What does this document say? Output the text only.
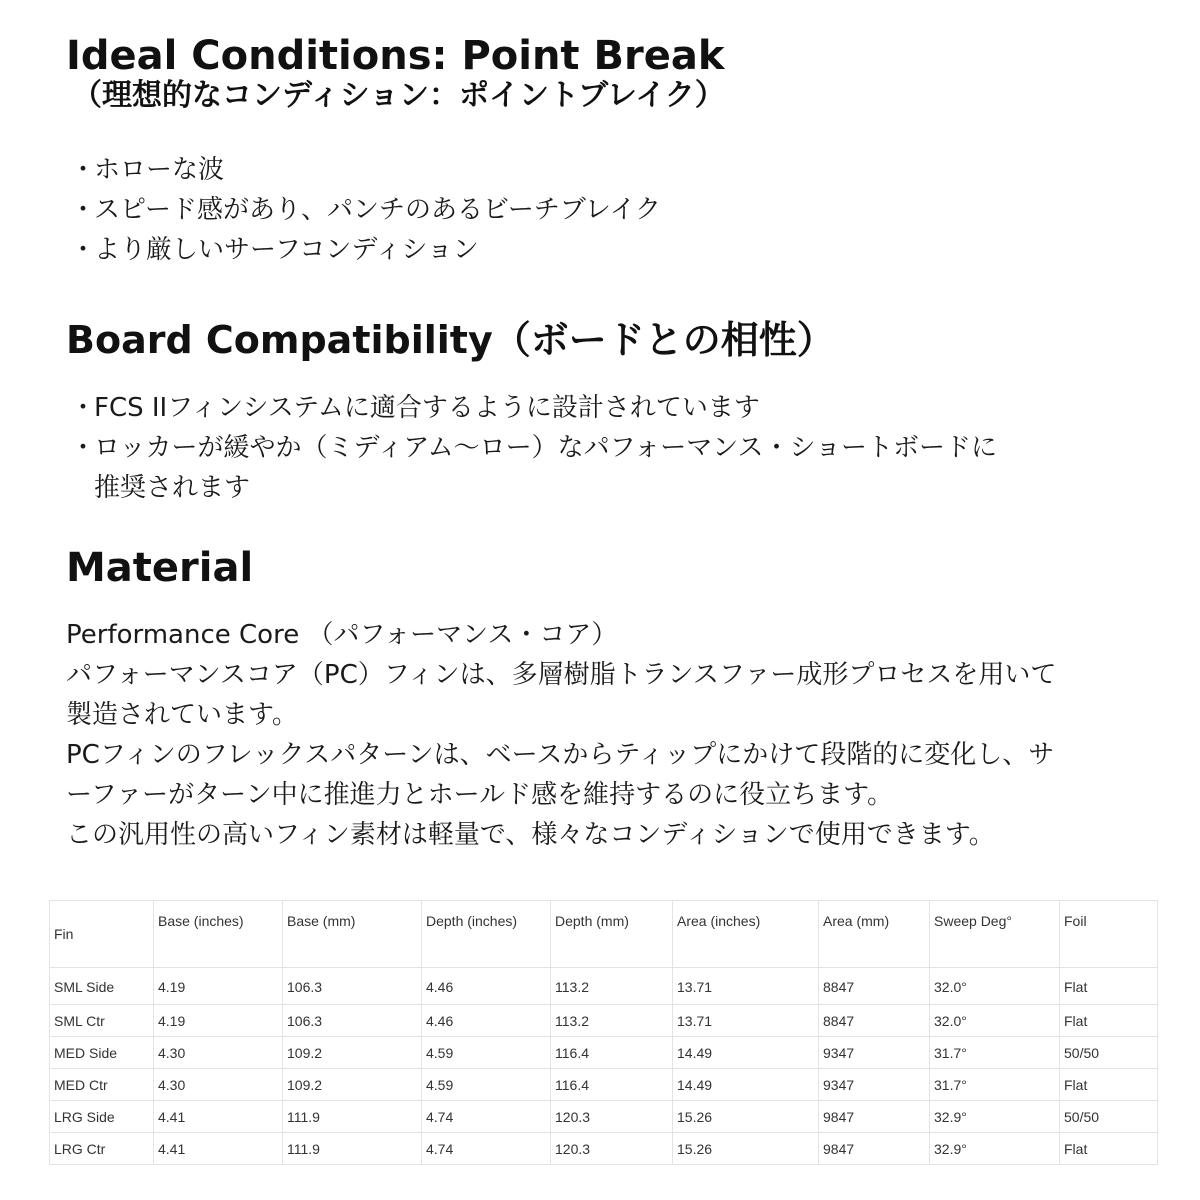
Ideal Conditions: Point Break
（理想的なコンディション：ポイントブレイク）
・ホローな波
・スピード感があり、パンチのあるビーチブレイク
・より厳しいサーフコンディション
Board Compatibility（ボードとの相性）
・FCS IIフィンシステムに適合するように設計されています
・ロッカーが緩やか（ミディアム～ロー）なパフォーマンス・ショートボードに
推奨されます
Material
Performance Core （パフォーマンス・コア）
パフォーマンスコア（PC）フィンは、多層樹脂トランスファー成形プロセスを用いて
製造されています。
PCフィンのフレックスパターンは、ベースからティップにかけて段階的に変化し、サ
ーファーがターン中に推進力とホールド感を維持するのに役立ちます。
この汎用性の高いフィン素材は軽量で、様々なコンディションで使用できます。
Fin	Base (inches)	Base (mm)	Depth (inches)	Depth (mm)	Area (inches)	Area (mm)	Sweep Deg°	Foil
SML Side	4.19	106.3	4.46	113.2	13.71	8847	32.0°	Flat
SML Ctr	4.19	106.3	4.46	113.2	13.71	8847	32.0°	Flat
MED Side	4.30	109.2	4.59	116.4	14.49	9347	31.7°	50/50
MED Ctr	4.30	109.2	4.59	116.4	14.49	9347	31.7°	Flat
LRG Side	4.41	111.9	4.74	120.3	15.26	9847	32.9°	50/50
LRG Ctr	4.41	111.9	4.74	120.3	15.26	9847	32.9°	Flat
